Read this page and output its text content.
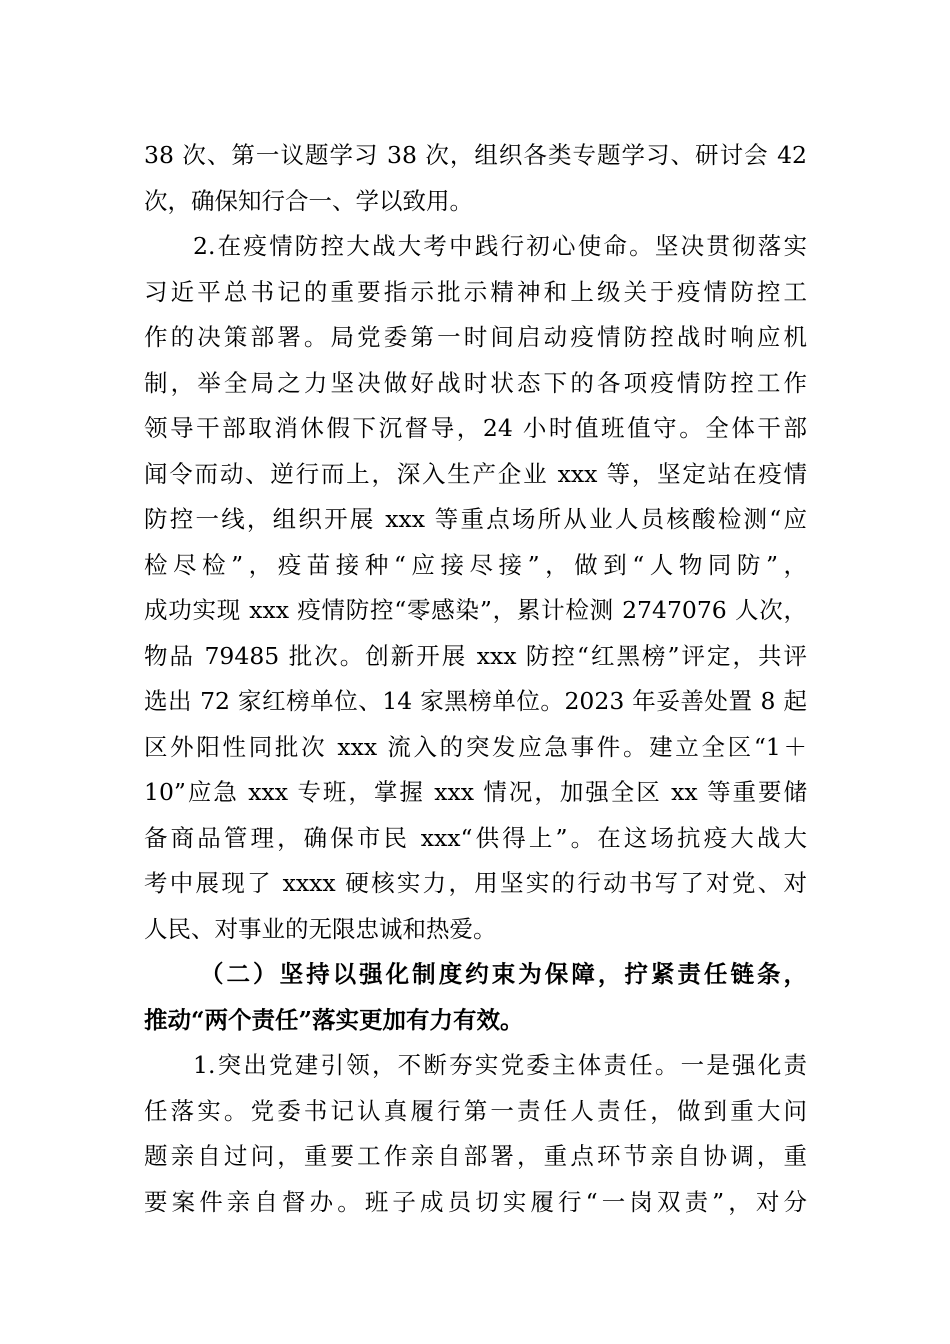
38 次、第一议题学习 38 次，组织各类专题学习、研讨会 42
次，确保知行合一、学以致用。
2.在疫情防控大战大考中践行初心使命。坚决贯彻落实
习近平总书记的重要指示批示精神和上级关于疫情防控工
作的决策部署。局党委第一时间启动疫情防控战时响应机
制，举全局之力坚决做好战时状态下的各项疫情防控工作
领导干部取消休假下沉督导，24 小时值班值守。全体干部
闻令而动、逆行而上，深入生产企业 xxx 等，坚定站在疫情
防控一线，组织开展 xxx 等重点场所从业人员核酸检测“应
检尽检”，疫苗接种“应接尽接”，做到“人物同防”，
成功实现 xxx 疫情防控“零感染”，累计检测 2747076 人次，
物品 79485 批次。创新开展 xxx 防控“红黑榜”评定，共评
选出 72 家红榜单位、14 家黑榜单位。2023 年妥善处置 8 起
区外阳性同批次 xxx 流入的突发应急事件。建立全区“1＋
10”应急 xxx 专班，掌握 xxx 情况，加强全区 xx 等重要储
备商品管理，确保市民 xxx“供得上”。在这场抗疫大战大
考中展现了 xxxx 硬核实力，用坚实的行动书写了对党、对
人民、对事业的无限忠诚和热爱。
（二）坚持以强化制度约束为保障，拧紧责任链条，
推动“两个责任”落实更加有力有效。
1.突出党建引领，不断夯实党委主体责任。一是强化责
任落实。党委书记认真履行第一责任人责任，做到重大问
题亲自过问，重要工作亲自部署，重点环节亲自协调，重
要案件亲自督办。班子成员切实履行“一岗双责”，对分
